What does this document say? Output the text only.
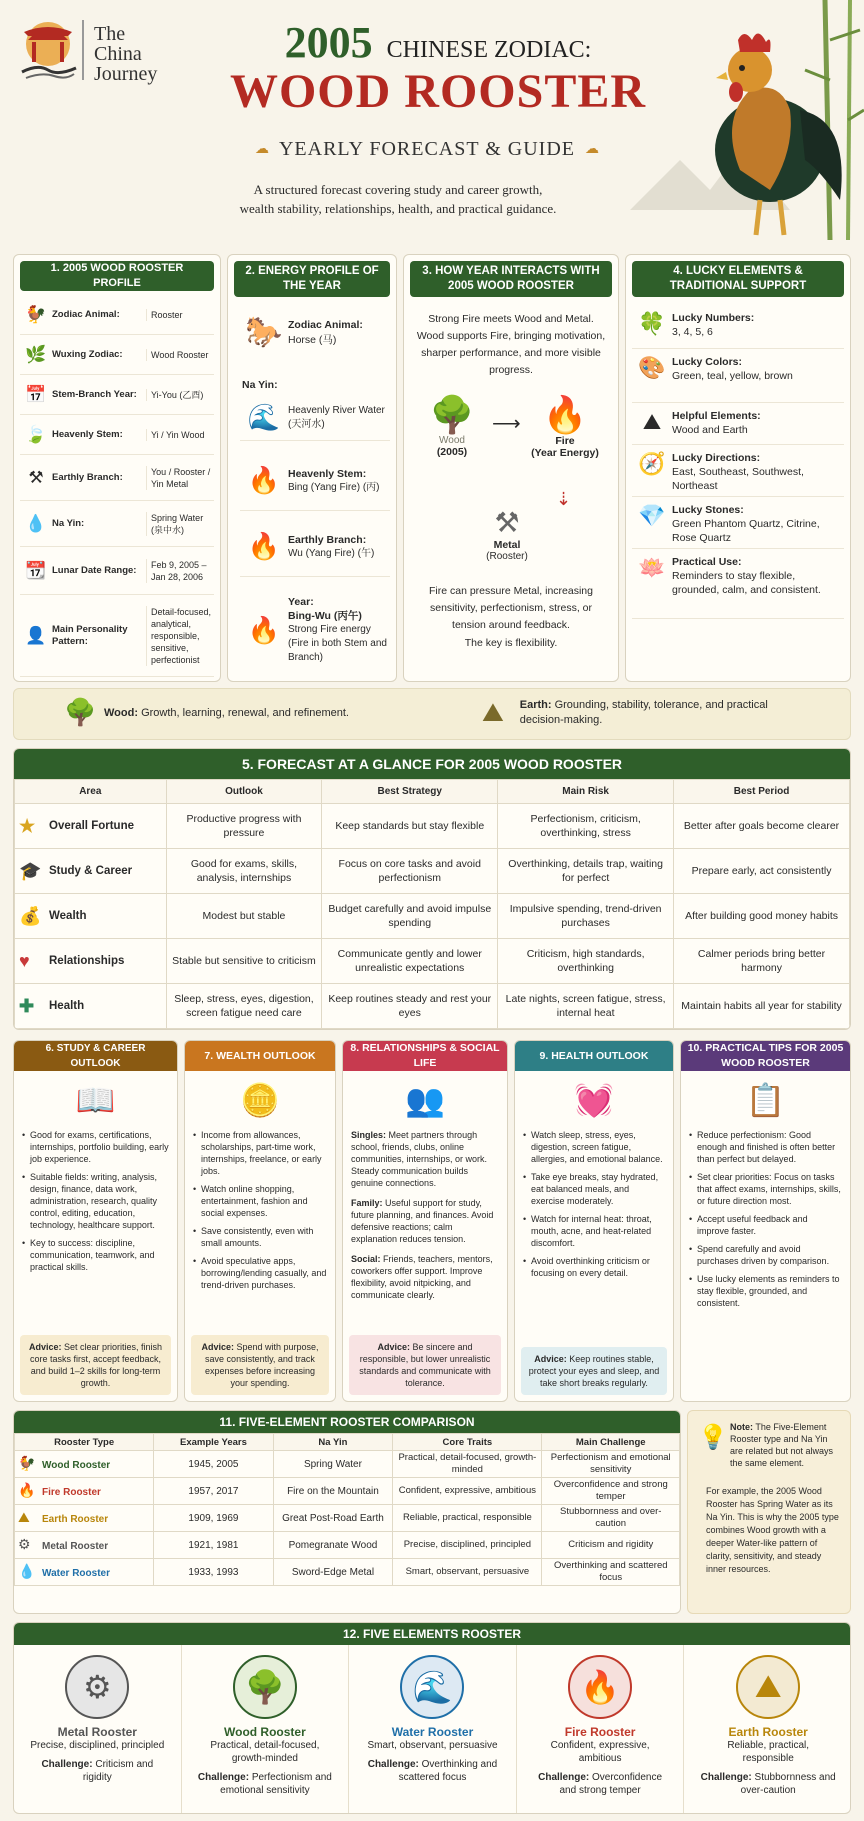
The
China
Journey
2005 CHINESE ZODIAC:
WOOD ROOSTER
☁ YEARLY FORECAST & GUIDE ☁
A structured forecast covering study and career growth,
wealth stability, relationships, health, and practical guidance.
1. 2005 WOOD ROOSTER PROFILE
🐓 Zodiac Animal:	Rooster
🌿 Wuxing Zodiac:	Wood Rooster
📅 Stem-Branch Year:	Yi-You (乙酉)
🍃 Heavenly Stem:	Yi / Yin Wood
⚒ Earthly Branch:	You / Rooster / Yin Metal
💧 Na Yin:	Spring Water (泉中水)
📆 Lunar Date Range:	Feb 9, 2005 – Jan 28, 2006
👤 Main Personality Pattern:
Detail-focused, analytical, responsible, sensitive, perfectionist
2. ENERGY PROFILE OF THE YEAR
🐎 Zodiac Animal:
Horse (马)
Na Yin:
🌊 Heavenly River Water (天河水)
🔥 Heavenly Stem:
Bing (Yang Fire) (丙)
🔥 Earthly Branch:
Wu (Yang Fire) (午)
🔥
Year:
Bing-Wu (丙午)
Strong Fire energy (Fire in both Stem and Branch)
3. HOW YEAR INTERACTS WITH 2005 WOOD ROOSTER
Strong Fire meets Wood and Metal. Wood supports Fire, bringing motivation, sharper performance, and more visible progress.
🌳
Wood
(2005)
⟶ 🔥
Fire
(Year Energy)
⇣
⚒
Metal
(Rooster)
Fire can pressure Metal, increasing sensitivity, perfectionism, stress, or tension around feedback.
The key is flexibility.
4. LUCKY ELEMENTS & TRADITIONAL SUPPORT
🍀 Lucky Numbers:
3, 4, 5, 6
🎨 Lucky Colors:
Green, teal, yellow, brown
⛰	Helpful Elements:
Wood and Earth
🧭 Lucky Directions:
East, Southeast, Southwest, Northeast
💎 Lucky Stones:
Green Phantom Quartz, Citrine, Rose Quartz
🪷 Practical Use:
Reminders to stay flexible, grounded, calm, and consistent.
🌳 Wood: Growth, learning, renewal, and refinement.	⛰	Earth: Grounding, stability, tolerance, and practical decision-making.
5. FORECAST AT A GLANCE FOR 2005 WOOD ROOSTER
Area	Outlook	Best Strategy	Main Risk	Best Period
★ Overall Fortune	Productive progress with pressure	Keep standards but stay flexible	Perfectionism, criticism, overthinking, stress	Better after goals become clearer
🎓 Study & Career	Good for exams, skills, analysis, internships	Focus on core tasks and avoid perfectionism	Overthinking, details trap, waiting for perfect	Prepare early, act consistently
💰 Wealth	Modest but stable	Budget carefully and avoid impulse spending	Impulsive spending, trend-driven purchases	After building good money habits
♥ Relationships	Stable but sensitive to criticism	Communicate gently and lower unrealistic expectations	Criticism, high standards, overthinking	Calmer periods bring better harmony
✚ Health	Sleep, stress, eyes, digestion, screen fatigue need care	Keep routines steady and rest your eyes	Late nights, screen fatigue, stress, internal heat	Maintain habits all year for stability
6. STUDY & CAREER OUTLOOK
📖
• Good for exams, certifications, internships, portfolio building, early job experience.
• Suitable fields: writing, analysis, design, finance, data work, administration, research, quality control, editing, education, technology, healthcare support.
• Key to success: discipline, communication, teamwork, and practical skills.
Advice: Set clear priorities, finish core tasks first, accept feedback, and build 1–2 skills for long-term growth.
7. WEALTH OUTLOOK
🪙
• Income from allowances, scholarships, part-time work, internships, freelance, or early jobs.
• Watch online shopping, entertainment, fashion and social expenses.
• Save consistently, even with small amounts.
• Avoid speculative apps, borrowing/lending casually, and trend-driven purchases.
Advice: Spend with purpose, save consistently, and track expenses before increasing your spending.
8. RELATIONSHIPS & SOCIAL LIFE
👥
Singles: Meet partners through school, friends, clubs, online communities, internships, or work. Steady communication builds genuine connections.
Family: Useful support for study, future planning, and finances. Avoid defensive reactions; calm explanation reduces tension.
Social: Friends, teachers, mentors, coworkers offer support. Improve flexibility, avoid nitpicking, and communicate clearly.
Advice: Be sincere and responsible, but lower unrealistic standards and communicate with tolerance.
9. HEALTH OUTLOOK
💓
• Watch sleep, stress, eyes, digestion, screen fatigue, allergies, and emotional balance.
• Take eye breaks, stay hydrated, eat balanced meals, and exercise moderately.
• Watch for internal heat: throat, mouth, acne, and heat-related discomfort.
• Avoid overthinking criticism or focusing on every detail.
Advice: Keep routines stable, protect your eyes and sleep, and take short breaks regularly.
10. PRACTICAL TIPS FOR 2005 WOOD ROOSTER
📋
• Reduce perfectionism: Good enough and finished is often better than perfect but delayed.
• Set clear priorities: Focus on tasks that affect exams, internships, skills, or future direction most.
• Accept useful feedback and improve faster.
• Spend carefully and avoid purchases driven by comparison.
• Use lucky elements as reminders to stay flexible, grounded, and consistent.
11. FIVE-ELEMENT ROOSTER COMPARISON
Rooster Type	Example Years	Na Yin	Core Traits	Main Challenge
🐓 Wood Rooster	1945, 2005	Spring Water	Practical, detail-focused, growth-minded	Perfectionism and emotional sensitivity
🔥 Fire Rooster	1957, 2017	Fire on the Mountain	Confident, expressive, ambitious	Overconfidence and strong temper
⛰ Earth Rooster	1909, 1969	Great Post-Road Earth	Reliable, practical, responsible	Stubbornness and over-caution
⚙ Metal Rooster	1921, 1981	Pomegranate Wood	Precise, disciplined, principled	Criticism and rigidity
💧 Water Rooster	1933, 1993	Sword-Edge Metal	Smart, observant, persuasive	Overthinking and scattered focus
💡 Note: The Five-Element Rooster type and Na Yin are related but not always the same element.
For example, the 2005 Wood Rooster has Spring Water as its Na Yin. This is why the 2005 type combines Wood growth with a deeper Water-like pattern of clarity, sensitivity, and steady inner resources.
12. FIVE ELEMENTS ROOSTER
⚙
Metal Rooster
Precise, disciplined, principled
Challenge: Criticism and rigidity
🌳
Wood Rooster
Practical, detail-focused, growth-minded
Challenge: Perfectionism and emotional sensitivity
🌊
Water Rooster
Smart, observant, persuasive
Challenge: Overthinking and scattered focus
🔥
Fire Rooster
Confident, expressive, ambitious
Challenge: Overconfidence and strong temper
⛰
Earth Rooster
Reliable, practical, responsible
Challenge: Stubbornness and over-caution
